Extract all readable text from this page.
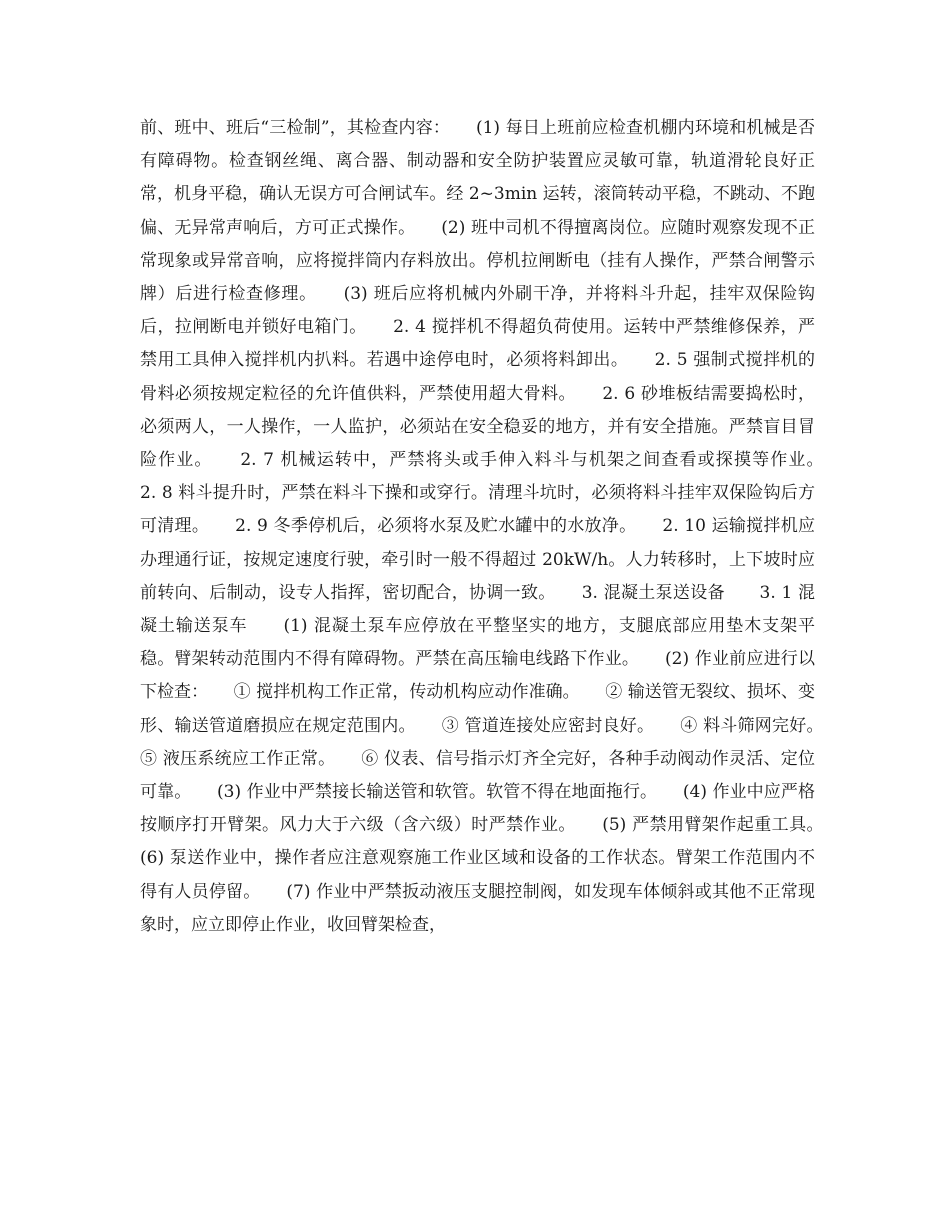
前、班中、班后“三检制”，其检查内容：　　(1) 每日上班前应检查机棚内环境和机械是否有障碍物。检查钢丝绳、离合器、制动器和安全防护装置应灵敏可靠，轨道滑轮良好正常，机身平稳，确认无误方可合闸试车。经 2~3min 运转，滚筒转动平稳，不跳动、不跑偏、无异常声响后，方可正式操作。　　(2) 班中司机不得擅离岗位。应随时观察发现不正常现象或异常音响，应将搅拌筒内存料放出。停机拉闸断电（挂有人操作，严禁合闸警示牌）后进行检查修理。　　(3) 班后应将机械内外刷干净，并将料斗升起，挂牢双保险钩后，拉闸断电并锁好电箱门。　　2. 4 搅拌机不得超负荷使用。运转中严禁维修保养，严禁用工具伸入搅拌机内扒料。若遇中途停电时，必须将料卸出。　　2. 5 强制式搅拌机的骨料必须按规定粒径的允许值供料，严禁使用超大骨料。　　2. 6 砂堆板结需要捣松时，必须两人，一人操作，一人监护，必须站在安全稳妥的地方，并有安全措施。严禁盲目冒险作业。　　2. 7 机械运转中，严禁将头或手伸入料斗与机架之间查看或探摸等作业。　　2. 8 料斗提升时，严禁在料斗下操和或穿行。清理斗坑时，必须将料斗挂牢双保险钩后方可清理。　　2. 9 冬季停机后，必须将水泵及贮水罐中的水放净。　　2. 10 运输搅拌机应办理通行证，按规定速度行驶，牵引时一般不得超过 20kW/h。人力转移时，上下坡时应前转向、后制动，设专人指挥，密切配合，协调一致。　　3. 混凝土泵送设备　　3. 1 混凝土输送泵车　　(1) 混凝土泵车应停放在平整坚实的地方，支腿底部应用垫木支架平稳。臂架转动范围内不得有障碍物。严禁在高压输电线路下作业。　　(2) 作业前应进行以下检查：　　① 搅拌机构工作正常，传动机构应动作准确。　　② 输送管无裂纹、损坏、变形、输送管道磨损应在规定范围内。　　③ 管道连接处应密封良好。　　④ 料斗筛网完好。　　⑤ 液压系统应工作正常。　　⑥ 仪表、信号指示灯齐全完好，各种手动阀动作灵活、定位可靠。　　(3) 作业中严禁接长输送管和软管。软管不得在地面拖行。　　(4) 作业中应严格按顺序打开臂架。风力大于六级（含六级）时严禁作业。　　(5) 严禁用臂架作起重工具。　　(6) 泵送作业中，操作者应注意观察施工作业区域和设备的工作状态。臂架工作范围内不得有人员停留。　　(7) 作业中严禁扳动液压支腿控制阀，如发现车体倾斜或其他不正常现象时，应立即停止作业，收回臂架检查，
